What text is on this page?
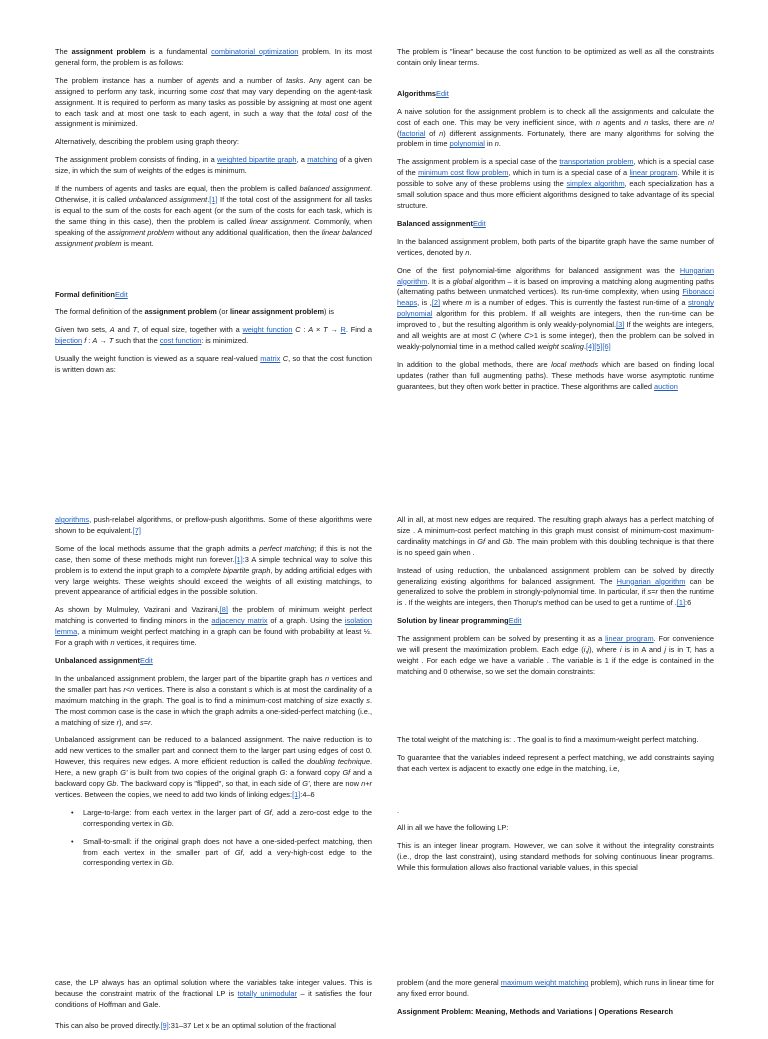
The assignment problem is a fundamental combinatorial optimization problem. In its most general form, the problem is as follows:

The problem instance has a number of agents and a number of tasks. Any agent can be assigned to perform any task, incurring some cost that may vary depending on the agent-task assignment. It is required to perform as many tasks as possible by assigning at most one agent to each task and at most one task to each agent, in such a way that the total cost of the assignment is minimized.

Alternatively, describing the problem using graph theory:

The assignment problem consists of finding, in a weighted bipartite graph, a matching of a given size, in which the sum of weights of the edges is minimum.

If the numbers of agents and tasks are equal, then the problem is called balanced assignment. Otherwise, it is called unbalanced assignment.[1] If the total cost of the assignment for all tasks is equal to the sum of the costs for each agent (or the sum of the costs for each task, which is the same thing in this case), then the problem is called linear assignment. Commonly, when speaking of the assignment problem without any additional qualification, then the linear balanced assignment problem is meant.

Formal definitionEdit

The formal definition of the assignment problem (or linear assignment problem) is

Given two sets, A and T, of equal size, together with a weight function C : A × T → R. Find a bijection f : A → T such that the cost function: is minimized.

Usually the weight function is viewed as a square real-valued matrix C, so that the cost function is written down as:

The problem is "linear" because the cost function to be optimized as well as all the constraints contain only linear terms.

AlgorithmsEdit

A naive solution for the assignment problem is to check all the assignments and calculate the cost of each one. This may be very inefficient since, with n agents and n tasks, there are n! (factorial of n) different assignments. Fortunately, there are many algorithms for solving the problem in time polynomial in n.

The assignment problem is a special case of the transportation problem, which is a special case of the minimum cost flow problem, which in turn is a special case of a linear program. While it is possible to solve any of these problems using the simplex algorithm, each specialization has a small solution space and thus more efficient algorithms designed to take advantage of its special structure.

Balanced assignmentEdit

In the balanced assignment problem, both parts of the bipartite graph have the same number of vertices, denoted by n.

One of the first polynomial-time algorithms for balanced assignment was the Hungarian algorithm. It is a global algorithm – it is based on improving a matching along augmenting paths (alternating paths between unmatched vertices). Its run-time complexity, when using Fibonacci heaps, is ,[2] where m is a number of edges. This is currently the fastest run-time of a strongly polynomial algorithm for this problem. If all weights are integers, then the run-time can be improved to , but the resulting algorithm is only weakly-polynomial.[3] If the weights are integers, and all weights are at most C (where C>1 is some integer), then the problem can be solved in weakly-polynomial time in a method called weight scaling.[4][5][6]

In addition to the global methods, there are local methods which are based on finding local updates (rather than full augmenting paths). These methods have worse asymptotic runtime guarantees, but they often work better in practice. These algorithms are called auction

algorithms, push-relabel algorithms, or preflow-push algorithms. Some of these algorithms were shown to be equivalent.[7]

Some of the local methods assume that the graph admits a perfect matching; if this is not the case, then some of these methods might run forever.[1]:3 A simple technical way to solve this problem is to extend the input graph to a complete bipartite graph, by adding artificial edges with very large weights. These weights should exceed the weights of all existing matchings, to prevent appearance of artificial edges in the possible solution.

As shown by Mulmuley, Vazirani and Vazirani,[8] the problem of minimum weight perfect matching is converted to finding minors in the adjacency matrix of a graph. Using the isolation lemma, a minimum weight perfect matching in a graph can be found with probability at least ½. For a graph with n vertices, it requires time.

Unbalanced assignmentEdit

In the unbalanced assignment problem, the larger part of the bipartite graph has n vertices and the smaller part has r<n vertices. There is also a constant s which is at most the cardinality of a maximum matching in the graph. The goal is to find a minimum-cost matching of size exactly s. The most common case is the case in which the graph admits a one-sided-perfect matching (i.e., a matching of size r), and s=r.

Unbalanced assignment can be reduced to a balanced assignment. The naive reduction is to add new vertices to the smaller part and connect them to the larger part using edges of cost 0. However, this requires new edges. A more efficient reduction is called the doubling technique. Here, a new graph G' is built from two copies of the original graph G: a forward copy Gf and a backward copy Gb. The backward copy is "flipped", so that, in each side of G', there are now n+r vertices. Between the copies, we need to add two kinds of linking edges:[1]:4–6

• Large-to-large: from each vertex in the larger part of Gf, add a zero-cost edge to the corresponding vertex in Gb.
• Small-to-small: if the original graph does not have a one-sided-perfect matching, then from each vertex in the smaller part of Gf, add a very-high-cost edge to the corresponding vertex in Gb.

All in all, at most new edges are required. The resulting graph always has a perfect matching of size . A minimum-cost perfect matching in this graph must consist of minimum-cost maximum-cardinality matchings in Gf and Gb. The main problem with this doubling technique is that there is no speed gain when .

Instead of using reduction, the unbalanced assignment problem can be solved by directly generalizing existing algorithms for balanced assignment. The Hungarian algorithm can be generalized to solve the problem in strongly-polynomial time. In particular, if s=r then the runtime is . If the weights are integers, then Thorup's method can be used to get a runtime of .[1]:6

Solution by linear programmingEdit

The assignment problem can be solved by presenting it as a linear program. For convenience we will present the maximization problem. Each edge (i,j), where i is in A and j is in T, has a weight . For each edge we have a variable . The variable is 1 if the edge is contained in the matching and 0 otherwise, so we set the domain constraints:

The total weight of the matching is: . The goal is to find a maximum-weight perfect matching.

To guarantee that the variables indeed represent a perfect matching, we add constraints saying that each vertex is adjacent to exactly one edge in the matching, i.e,

.

All in all we have the following LP:

This is an integer linear program. However, we can solve it without the integrality constraints (i.e., drop the last constraint), using standard methods for solving continuous linear programs. While this formulation allows also fractional variable values, in this special

case, the LP always has an optimal solution where the variables take integer values. This is because the constraint matrix of the fractional LP is totally unimodular – it satisfies the four conditions of Hoffman and Gale.

This can also be proved directly.[9]:31–37 Let x be an optimal solution of the fractional

problem (and the more general maximum weight matching problem), which runs in linear time for any fixed error bound.

Assignment Problem: Meaning, Methods and Variations | Operations Research
